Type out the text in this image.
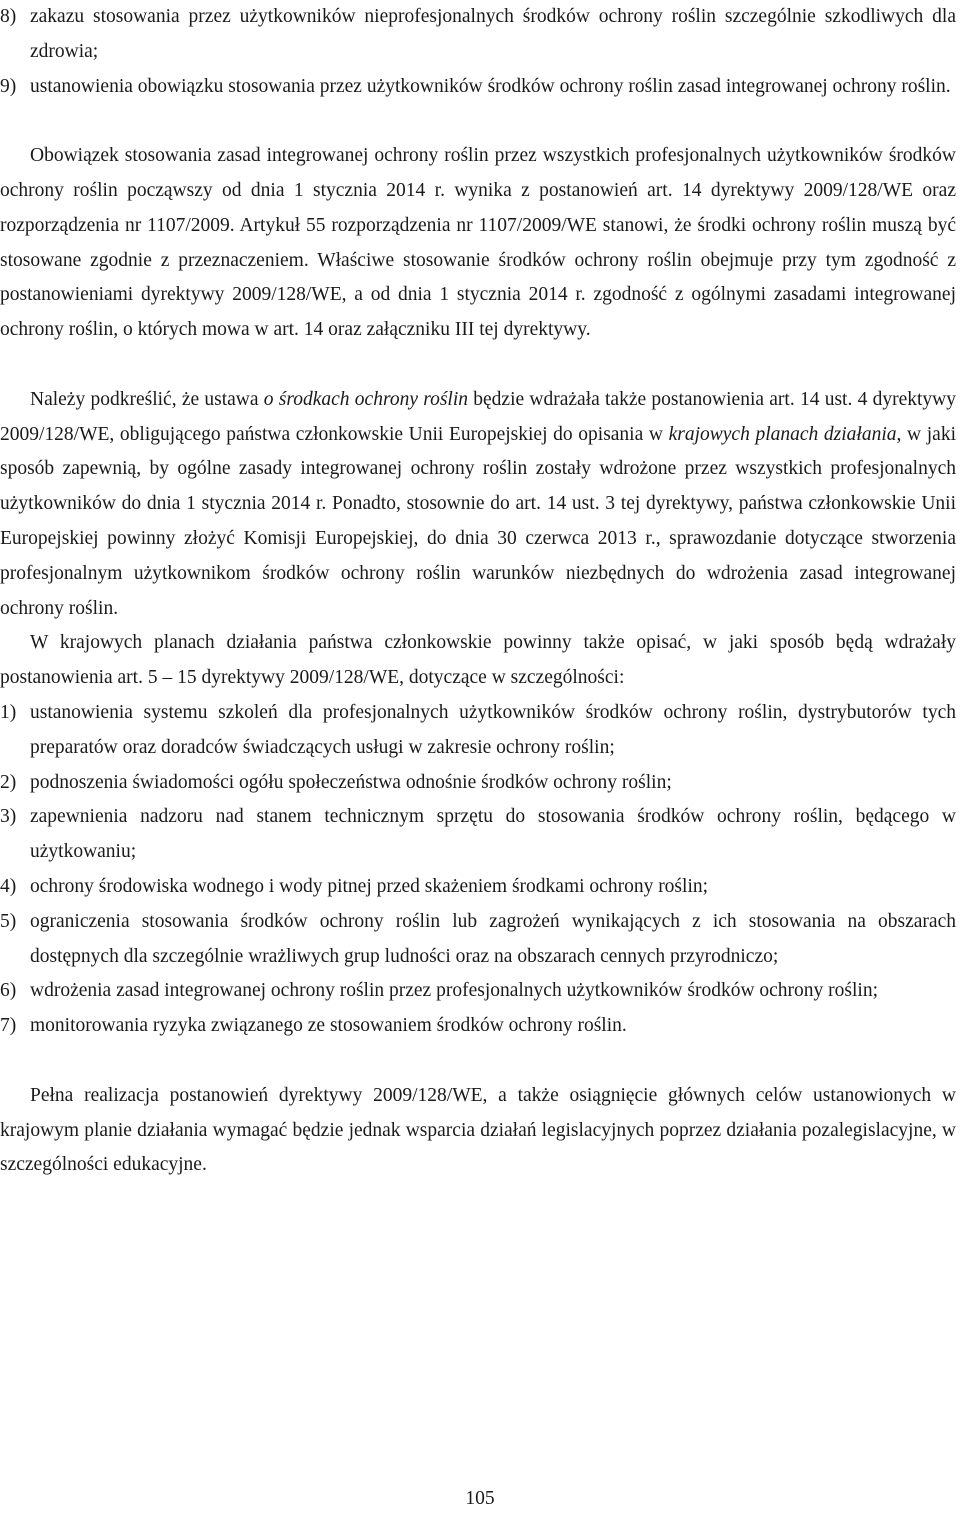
8) zakazu stosowania przez użytkowników nieprofesjonalnych środków ochrony roślin szczególnie szkodliwych dla zdrowia;
9) ustanowienia obowiązku stosowania przez użytkowników środków ochrony roślin zasad integrowanej ochrony roślin.

Obowiązek stosowania zasad integrowanej ochrony roślin przez wszystkich profesjonalnych użytkowników środków ochrony roślin począwszy od dnia 1 stycznia 2014 r. wynika z postanowień art. 14 dyrektywy 2009/128/WE oraz rozporządzenia nr 1107/2009. Artykuł 55 rozporządzenia nr 1107/2009/WE stanowi, że środki ochrony roślin muszą być stosowane zgodnie z przeznaczeniem. Właściwe stosowanie środków ochrony roślin obejmuje przy tym zgodność z postanowieniami dyrektywy 2009/128/WE, a od dnia 1 stycznia 2014 r. zgodność z ogólnymi zasadami integrowanej ochrony roślin, o których mowa w art. 14 oraz załączniku III tej dyrektywy.

Należy podkreślić, że ustawa o środkach ochrony roślin będzie wdrażała także postanowienia art. 14 ust. 4 dyrektywy 2009/128/WE, obligującego państwa członkowskie Unii Europejskiej do opisania w krajowych planach działania, w jaki sposób zapewnią, by ogólne zasady integrowanej ochrony roślin zostały wdrożone przez wszystkich profesjonalnych użytkowników do dnia 1 stycznia 2014 r. Ponadto, stosownie do art. 14 ust. 3 tej dyrektywy, państwa członkowskie Unii Europejskiej powinny złożyć Komisji Europejskiej, do dnia 30 czerwca 2013 r., sprawozdanie dotyczące stworzenia profesjonalnym użytkownikom środków ochrony roślin warunków niezbędnych do wdrożenia zasad integrowanej ochrony roślin.

W krajowych planach działania państwa członkowskie powinny także opisać, w jaki sposób będą wdrażały postanowienia art. 5 – 15 dyrektywy 2009/128/WE, dotyczące w szczególności:

1) ustanowienia systemu szkoleń dla profesjonalnych użytkowników środków ochrony roślin, dystrybutorów tych preparatów oraz doradców świadczących usługi w zakresie ochrony roślin;
2) podnoszenia świadomości ogółu społeczeństwa odnośnie środków ochrony roślin;
3) zapewnienia nadzoru nad stanem technicznym sprzętu do stosowania środków ochrony roślin, będącego w użytkowaniu;
4) ochrony środowiska wodnego i wody pitnej przed skażeniem środkami ochrony roślin;
5) ograniczenia stosowania środków ochrony roślin lub zagrożeń wynikających z ich stosowania na obszarach dostępnych dla szczególnie wrażliwych grup ludności oraz na obszarach cennych przyrodniczo;
6) wdrożenia zasad integrowanej ochrony roślin przez profesjonalnych użytkowników środków ochrony roślin;
7) monitorowania ryzyka związanego ze stosowaniem środków ochrony roślin.

Pełna realizacja postanowień dyrektywy 2009/128/WE, a także osiągnięcie głównych celów ustanowionych w krajowym planie działania wymagać będzie jednak wsparcia działań legislacyjnych poprzez działania pozalegislacyjne, w szczególności edukacyjne.

105
